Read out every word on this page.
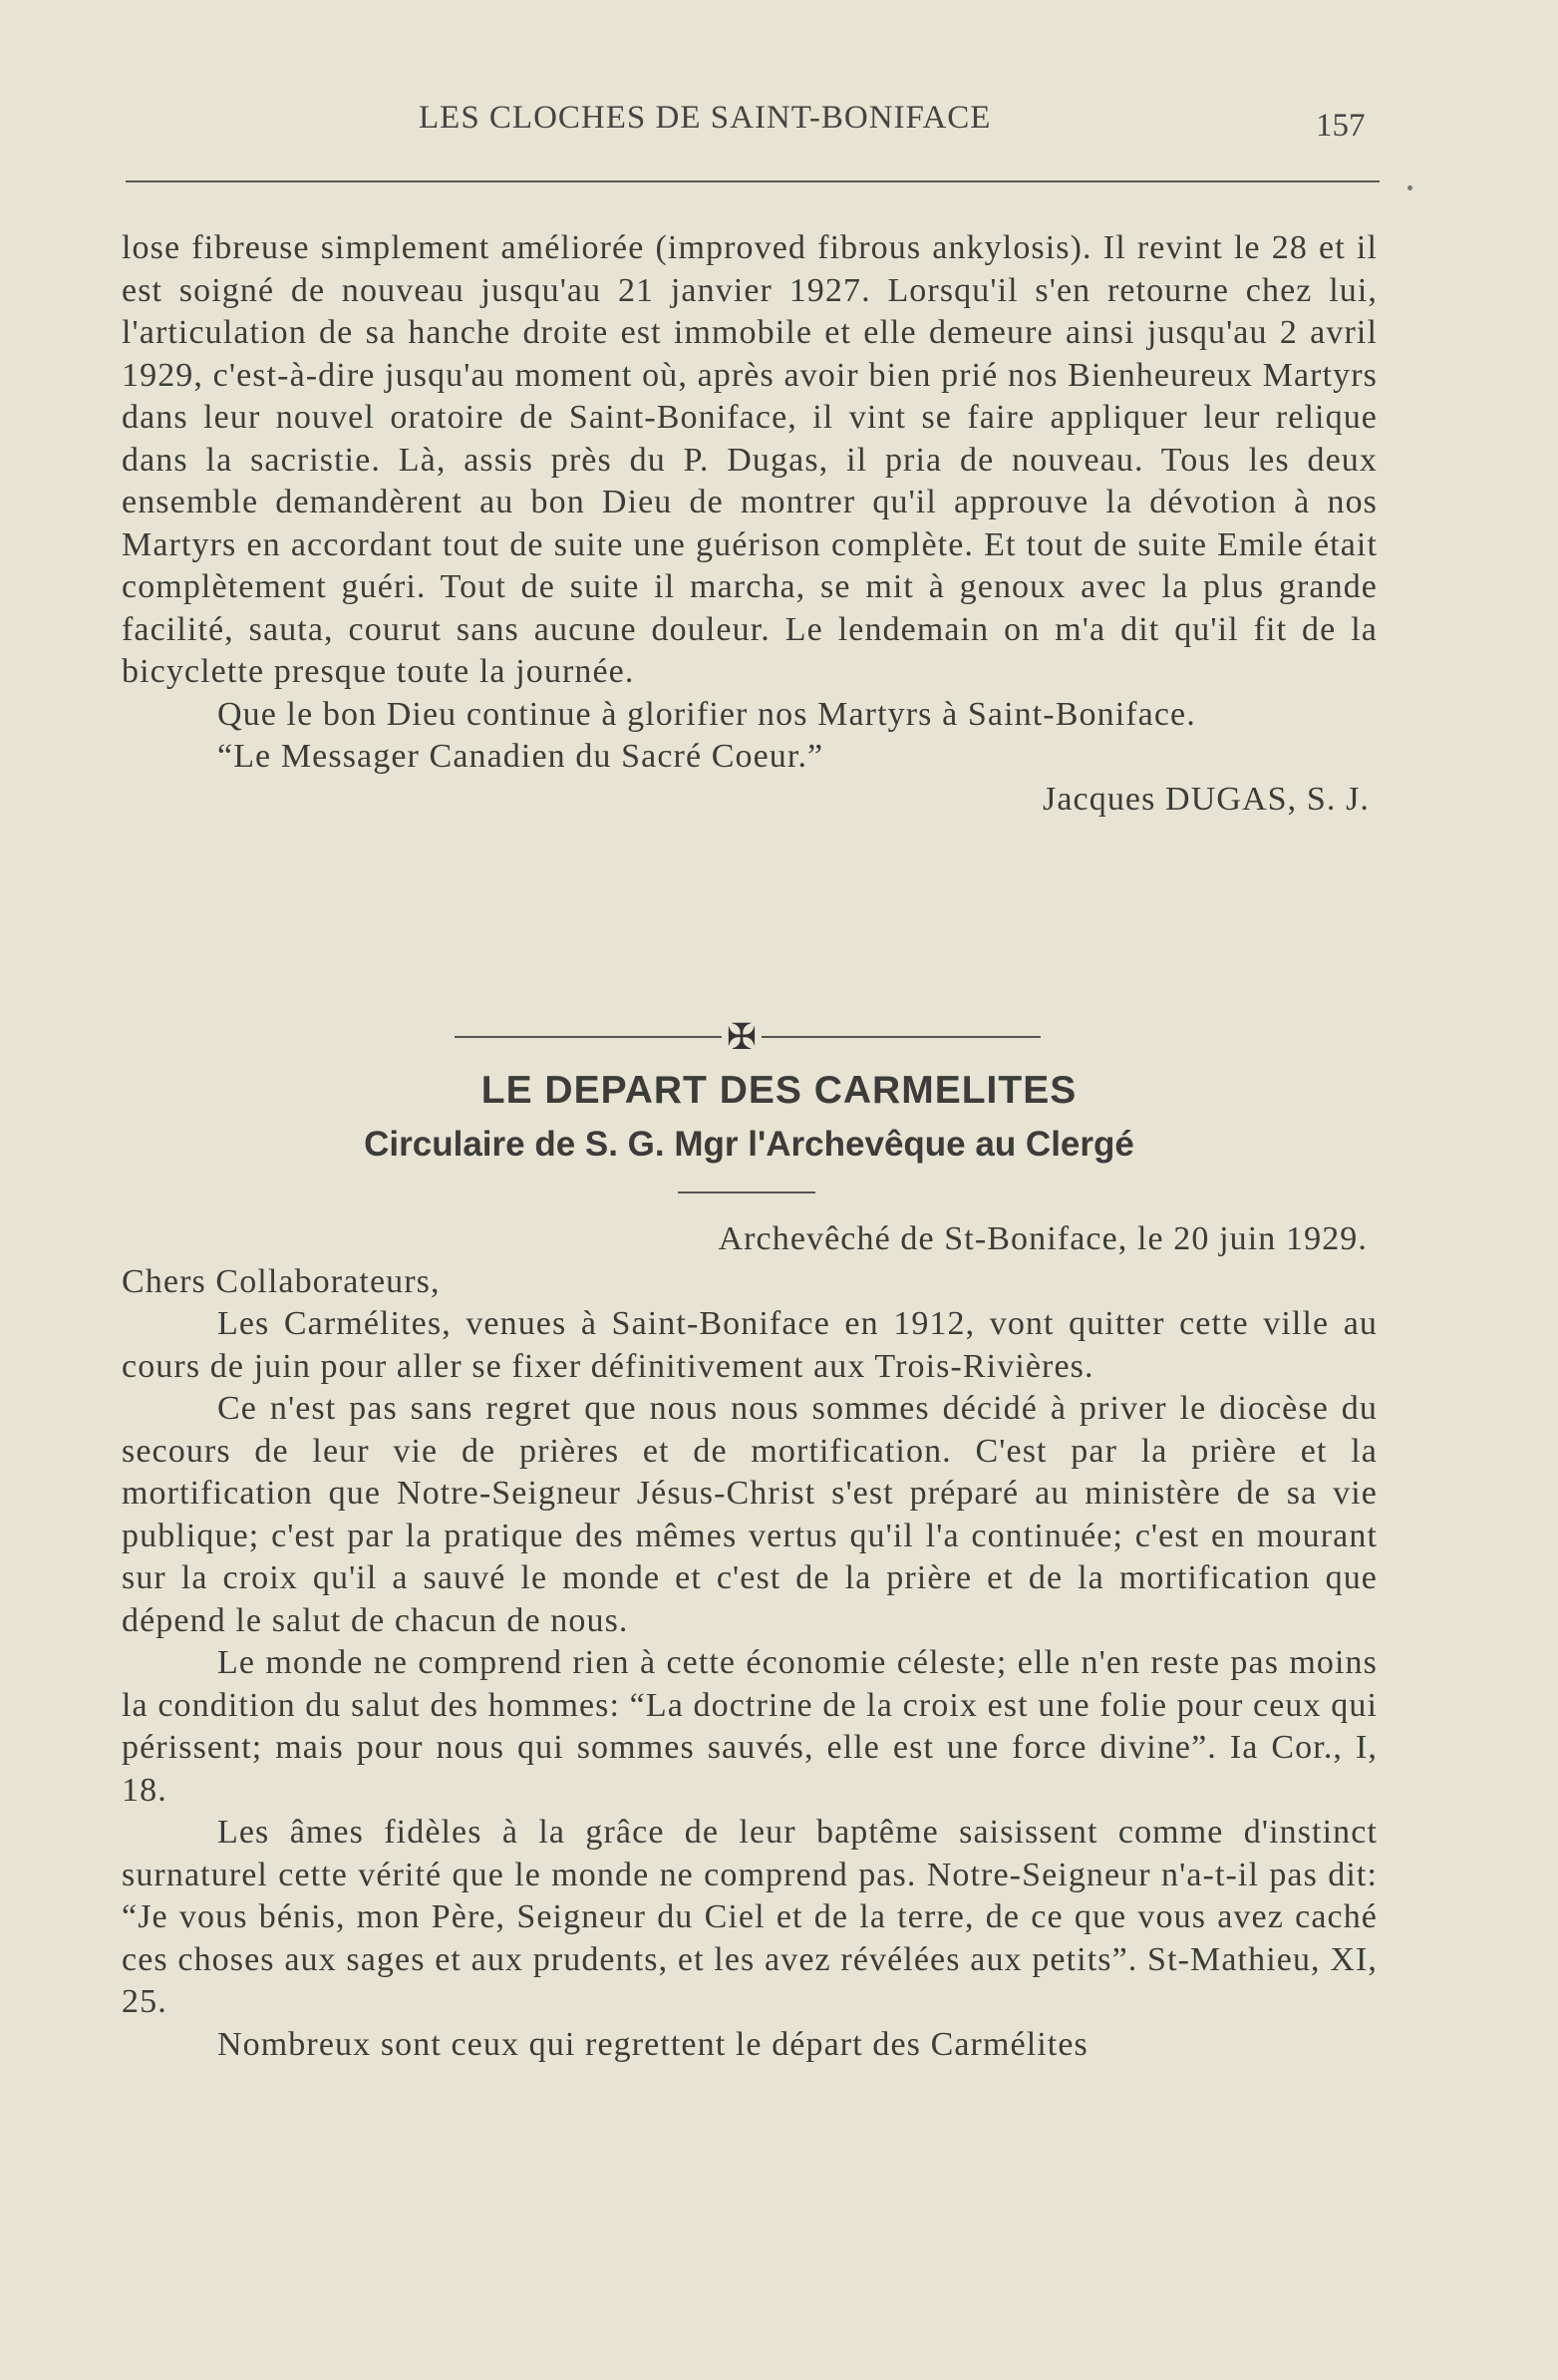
LES CLOCHES DE SAINT-BONIFACE	157

lose fibreuse simplement améliorée (improved fibrous ankylosis). Il revint le 28 et il est soigné de nouveau jusqu'au 21 janvier 1927. Lorsqu'il s'en retourne chez lui, l'articulation de sa hanche droite est immobile et elle demeure ainsi jusqu'au 2 avril 1929, c'est-à-dire jusqu'au moment où, après avoir bien prié nos Bienheureux Martyrs dans leur nouvel oratoire de Saint-Boniface, il vint se faire appliquer leur relique dans la sacristie. Là, assis près du P. Dugas, il pria de nouveau. Tous les deux ensemble demandèrent au bon Dieu de montrer qu'il approuve la dévotion à nos Martyrs en accordant tout de suite une guérison complète. Et tout de suite Emile était complètement guéri. Tout de suite il marcha, se mit à genoux avec la plus grande facilité, sauta, courut sans aucune douleur. Le lendemain on m'a dit qu'il fit de la bicyclette presque toute la journée.

Que le bon Dieu continue à glorifier nos Martyrs à Saint-Boniface.

“Le Messager Canadien du Sacré Coeur.”

Jacques DUGAS, S. J.

✠
LE DEPART DES CARMELITES
Circulaire de S. G. Mgr l'Archevêque au Clergé

Archevêché de St-Boniface, le 20 juin 1929.

Chers Collaborateurs,

Les Carmélites, venues à Saint-Boniface en 1912, vont quitter cette ville au cours de juin pour aller se fixer définitivement aux Trois-Rivières.

Ce n'est pas sans regret que nous nous sommes décidé à priver le diocèse du secours de leur vie de prières et de mortification. C'est par la prière et la mortification que Notre-Seigneur Jésus-Christ s'est préparé au ministère de sa vie publique; c'est par la pratique des mêmes vertus qu'il l'a continuée; c'est en mourant sur la croix qu'il a sauvé le monde et c'est de la prière et de la mortification que dépend le salut de chacun de nous.

Le monde ne comprend rien à cette économie céleste; elle n'en reste pas moins la condition du salut des hommes: “La doctrine de la croix est une folie pour ceux qui périssent; mais pour nous qui sommes sauvés, elle est une force divine”. Ia Cor., I, 18.

Les âmes fidèles à la grâce de leur baptême saisissent comme d'instinct surnaturel cette vérité que le monde ne comprend pas. Notre-Seigneur n'a-t-il pas dit: “Je vous bénis, mon Père, Seigneur du Ciel et de la terre, de ce que vous avez caché ces choses aux sages et aux prudents, et les avez révélées aux petits”. St-Mathieu, XI, 25.

Nombreux sont ceux qui regrettent le départ des Carmélites
